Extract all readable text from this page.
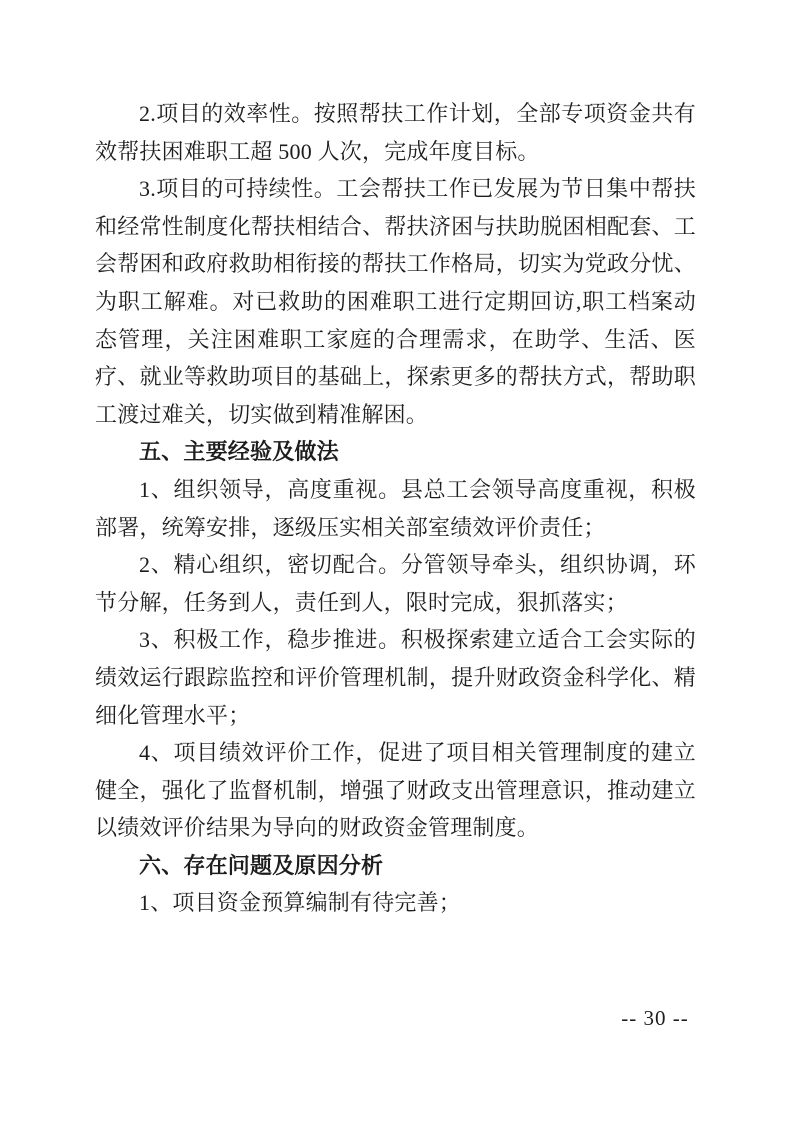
2.项目的效率性。按照帮扶工作计划，全部专项资金共有效帮扶困难职工超 500 人次，完成年度目标。

3.项目的可持续性。工会帮扶工作已发展为节日集中帮扶和经常性制度化帮扶相结合、帮扶济困与扶助脱困相配套、工会帮困和政府救助相衔接的帮扶工作格局，切实为党政分忧、为职工解难。对已救助的困难职工进行定期回访,职工档案动态管理，关注困难职工家庭的合理需求，在助学、生活、医疗、就业等救助项目的基础上，探索更多的帮扶方式，帮助职工渡过难关，切实做到精准解困。

五、主要经验及做法

1、组织领导，高度重视。县总工会领导高度重视，积极部署，统筹安排，逐级压实相关部室绩效评价责任；

2、精心组织，密切配合。分管领导牵头，组织协调，环节分解，任务到人，责任到人，限时完成，狠抓落实；

3、积极工作，稳步推进。积极探索建立适合工会实际的绩效运行跟踪监控和评价管理机制，提升财政资金科学化、精细化管理水平；

4、项目绩效评价工作，促进了项目相关管理制度的建立健全，强化了监督机制，增强了财政支出管理意识，推动建立以绩效评价结果为导向的财政资金管理制度。

六、存在问题及原因分析

1、项目资金预算编制有待完善；

-- 30 --
